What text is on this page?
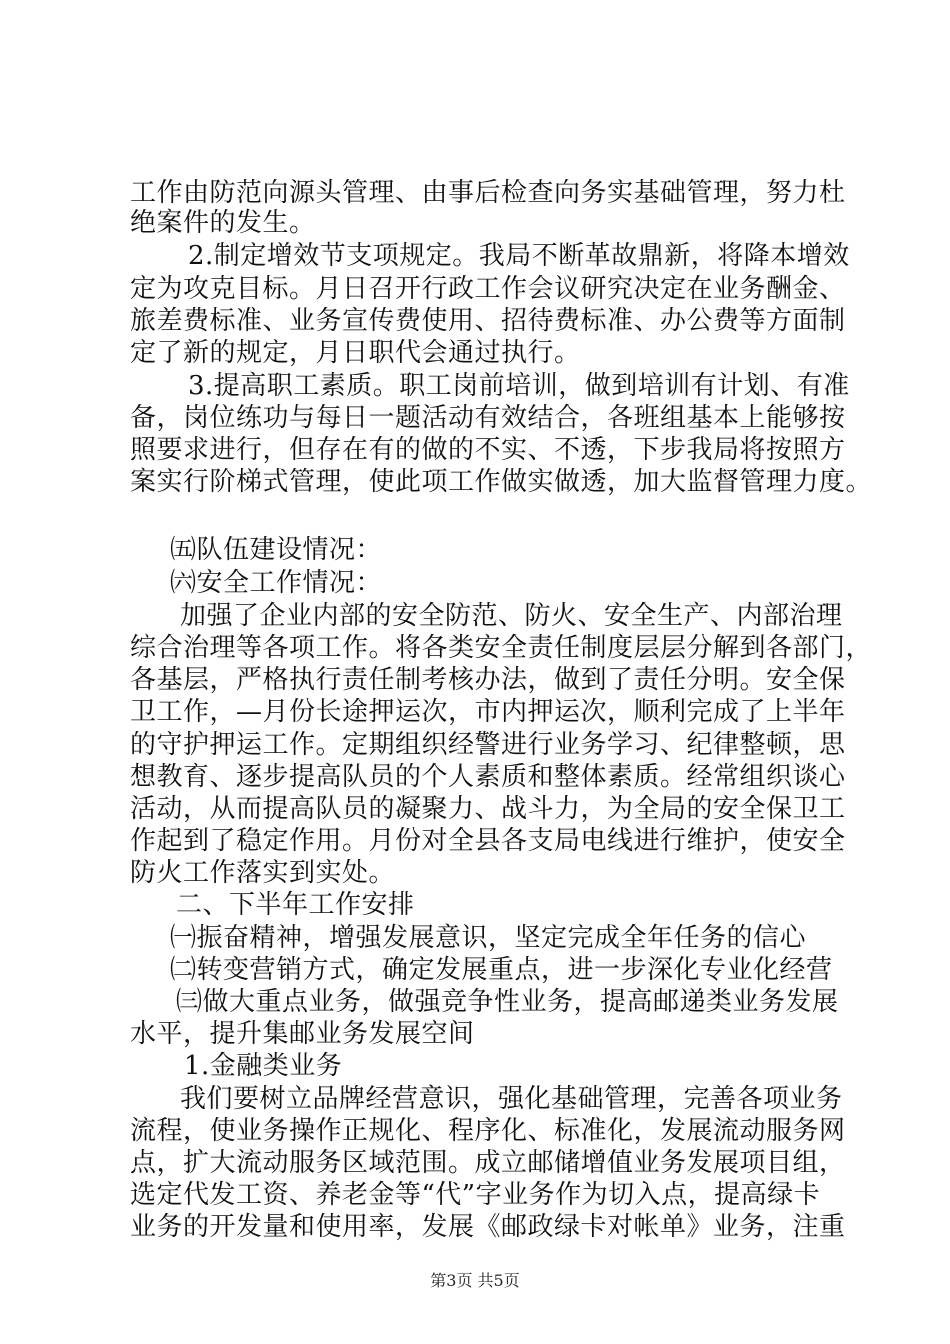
工作由防范向源头管理、由事后检查向务实基础管理，努力杜
绝案件的发生。
2.制定增效节支项规定。我局不断革故鼎新，将降本增效
定为攻克目标。月日召开行政工作会议研究决定在业务酬金、
旅差费标准、业务宣传费使用、招待费标准、办公费等方面制
定了新的规定，月日职代会通过执行。
3.提高职工素质。职工岗前培训，做到培训有计划、有准
备，岗位练功与每日一题活动有效结合，各班组基本上能够按
照要求进行，但存在有的做的不实、不透，下步我局将按照方
案实行阶梯式管理，使此项工作做实做透，加大监督管理力度。
㈤队伍建设情况：
㈥安全工作情况：
加强了企业内部的安全防范、防火、安全生产、内部治理
综合治理等各项工作。将各类安全责任制度层层分解到各部门，
各基层，严格执行责任制考核办法，做到了责任分明。安全保
卫工作，—月份长途押运次，市内押运次，顺利完成了上半年
的守护押运工作。定期组织经警进行业务学习、纪律整顿，思
想教育、逐步提高队员的个人素质和整体素质。经常组织谈心
活动，从而提高队员的凝聚力、战斗力，为全局的安全保卫工
作起到了稳定作用。月份对全县各支局电线进行维护，使安全
防火工作落实到实处。
二、下半年工作安排
㈠振奋精神，增强发展意识，坚定完成全年任务的信心
㈡转变营销方式，确定发展重点，进一步深化专业化经营
㈢做大重点业务，做强竞争性业务，提高邮递类业务发展
水平，提升集邮业务发展空间
1.金融类业务
我们要树立品牌经营意识，强化基础管理，完善各项业务
流程，使业务操作正规化、程序化、标准化，发展流动服务网
点，扩大流动服务区域范围。成立邮储增值业务发展项目组，
选定代发工资、养老金等“代”字业务作为切入点，提高绿卡
业务的开发量和使用率，发展《邮政绿卡对帐单》业务，注重
第3页 共5页
